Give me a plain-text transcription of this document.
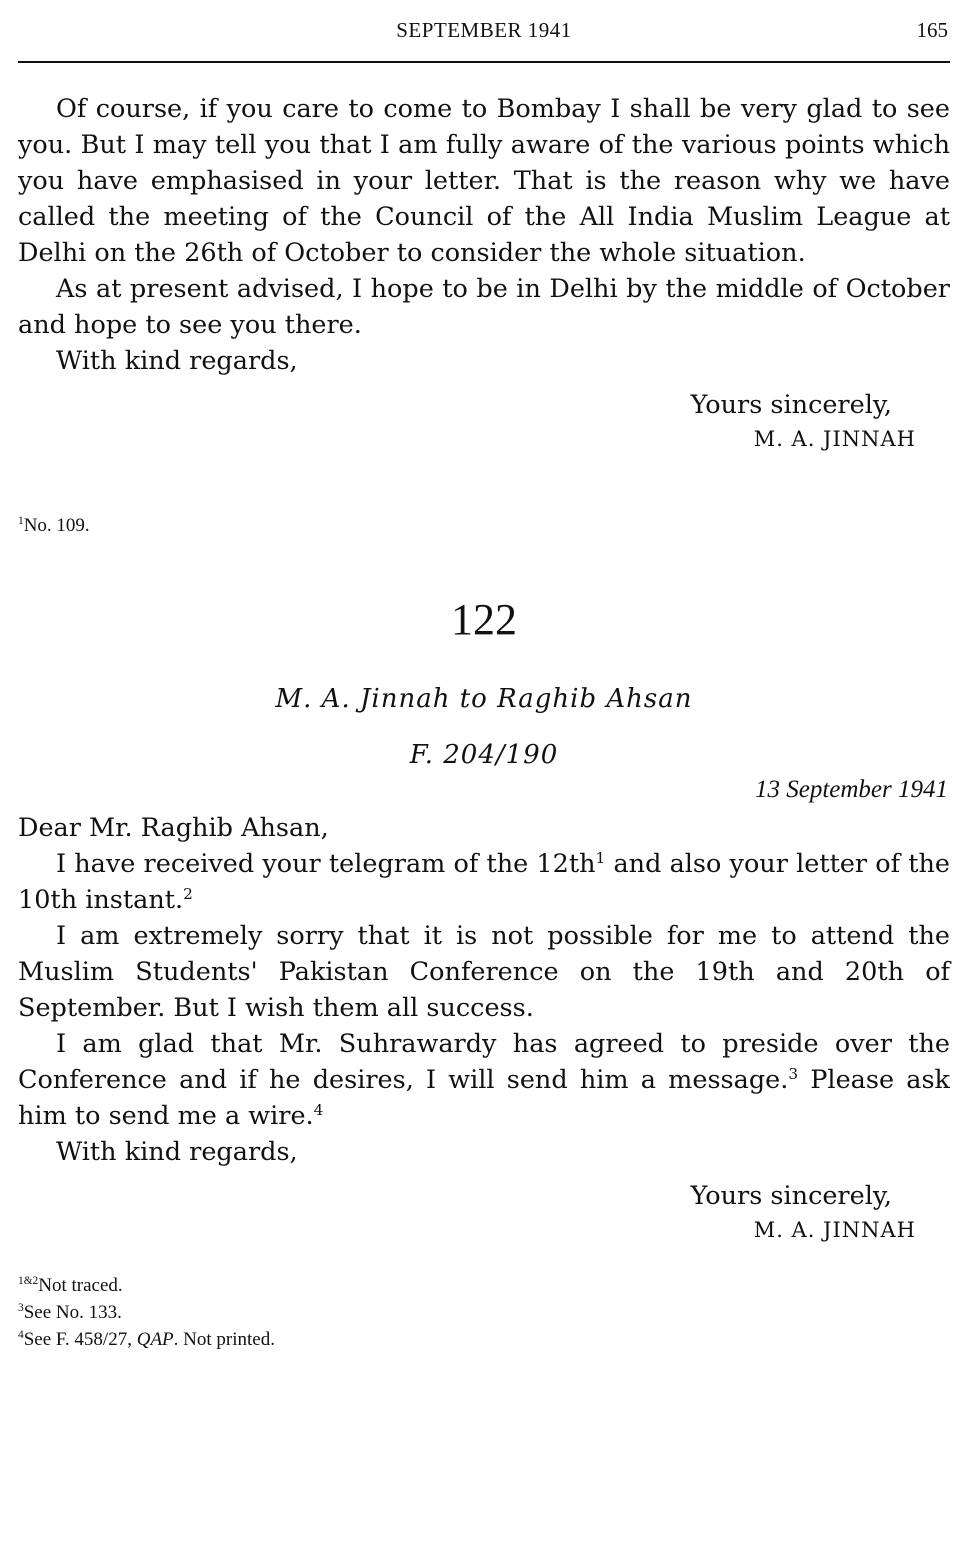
SEPTEMBER 1941	165

Of course, if you care to come to Bombay I shall be very glad to see you. But I may tell you that I am fully aware of the various points which you have emphasised in your letter. That is the reason why we have called the meeting of the Council of the All India Muslim League at Delhi on the 26th of October to consider the whole situation.

As at present advised, I hope to be in Delhi by the middle of October and hope to see you there.

With kind regards,

Yours sincerely,
M. A. JINNAH
$^1$No. 109.
122
M. A. Jinnah to Raghib Ahsan
F. 204/190
13 September 1941

Dear Mr. Raghib Ahsan,

I have received your telegram of the $12th^1$ and also your letter of the 10th instant.$^2$

I am extremely sorry that it is not possible for me to attend the Muslim Students' Pakistan Conference on the 19th and 20th of September. But I wish them all success.

I am glad that Mr. Suhrawardy has agreed to preside over the Conference and if he desires, I will send him a message.$^3$ Please ask him to send me a wire.$^4$

With kind regards,

Yours sincerely,
M. A. JINNAH
$^{1\&2}$Not traced.
$^3$See No. 133.
$^4$See F. 458/27, QAP. Not printed.
